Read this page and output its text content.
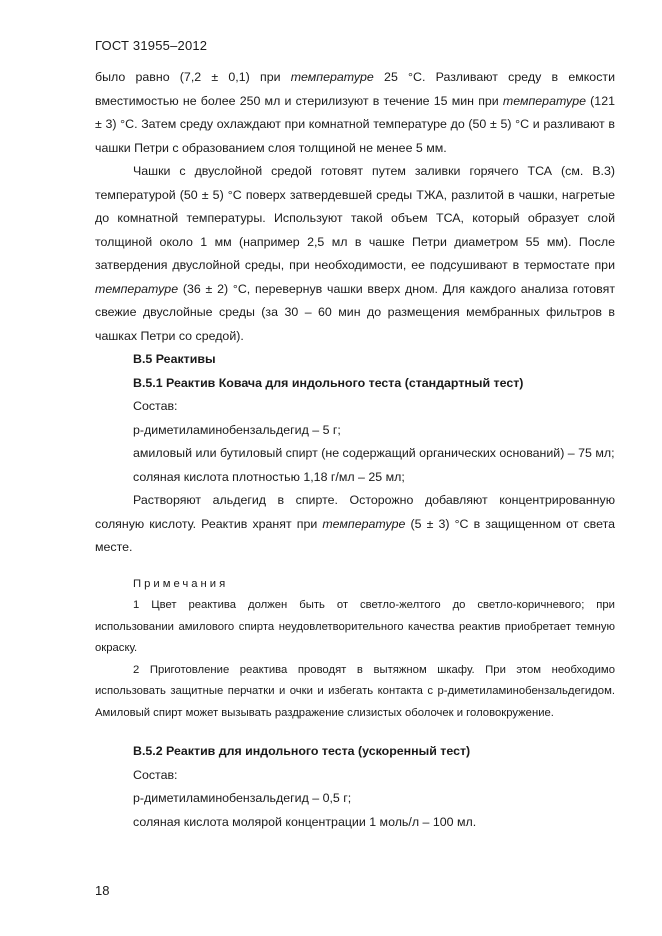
ГОСТ 31955–2012

было равно (7,2 ± 0,1) при температуре 25 °С. Разливают среду в емкости вместимостью не более 250 мл и стерилизуют в течение 15 мин при температуре (121 ± 3) °С. Затем среду охлаждают при комнатной температуре до (50 ± 5) °С и разливают в чашки Петри с образованием слоя толщиной не менее 5 мм.

Чашки с двуслойной средой готовят путем заливки горячего ТСА (см. В.3) температурой (50 ± 5) °С поверх затвердевшей среды ТЖА, разлитой в чашки, нагретые до комнатной температуры. Используют такой объем ТСА, который образует слой толщиной около 1 мм (например 2,5 мл в чашке Петри диаметром 55 мм). После затвердения двуслойной среды, при необходимости, ее подсушивают в термостате при температуре (36 ± 2) °С, перевернув чашки вверх дном. Для каждого анализа готовят свежие двуслойные среды (за 30 – 60 мин до размещения мембранных фильтров в чашках Петри со средой).

В.5 Реактивы

В.5.1 Реактив Ковача для индольного теста (стандартный тест)

Состав:

р-диметиламинобензальдегид – 5 г;

амиловый или бутиловый спирт (не содержащий органических оснований) – 75 мл;

соляная кислота плотностью 1,18 г/мл – 25 мл;

Растворяют альдегид в спирте. Осторожно добавляют концентрированную соляную кислоту. Реактив хранят при температуре (5 ± 3) °С в защищенном от света месте.

Примечания

1 Цвет реактива должен быть от светло-желтого до светло-коричневого; при использовании амилового спирта неудовлетворительного качества реактив приобретает темную окраску.

2 Приготовление реактива проводят в вытяжном шкафу. При этом необходимо использовать защитные перчатки и очки и избегать контакта с р-диметиламинобензальдегидом. Амиловый спирт может вызывать раздражение слизистых оболочек и головокружение.

В.5.2 Реактив для индольного теста (ускоренный тест)

Состав:

р-диметиламинобензальдегид – 0,5 г;

соляная кислота молярой концентрации 1 моль/л – 100 мл.

18
